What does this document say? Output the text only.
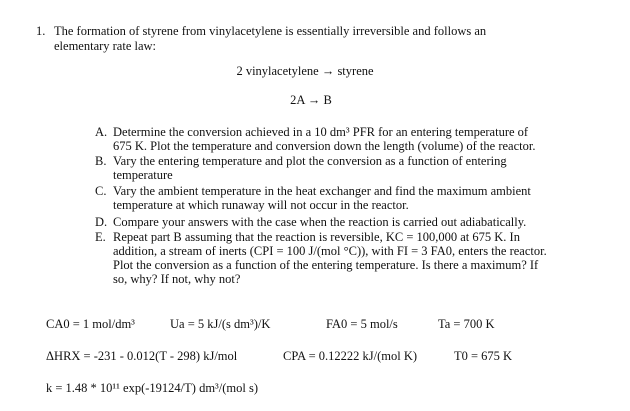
1. The formation of styrene from vinylacetylene is essentially irreversible and follows an
elementary rate law:
2 vinylacetylene → styrene
2A → B
A. Determine the conversion achieved in a 10 dm³ PFR for an entering temperature of
675 K. Plot the temperature and conversion down the length (volume) of the reactor.
B. Vary the entering temperature and plot the conversion as a function of entering
temperature
C. Vary the ambient temperature in the heat exchanger and find the maximum ambient
temperature at which runaway will not occur in the reactor.
D. Compare your answers with the case when the reaction is carried out adiabatically.
E. Repeat part B assuming that the reaction is reversible, KC = 100,000 at 675 K. In
addition, a stream of inerts (CPI = 100 J/(mol °C)), with FI = 3 FA0, enters the reactor.
Plot the conversion as a function of the entering temperature. Is there a maximum? If
so, why? If not, why not?
CA0 = 1 mol/dm³	Ua = 5 kJ/(s dm³)/K	FA0 = 5 mol/s	Ta = 700 K
ΔHRX = -231 - 0.012(T - 298) kJ/mol	CPA = 0.12222 kJ/(mol K)	T0 = 675 K
k = 1.48 * 10¹¹ exp(-19124/T) dm³/(mol s)
